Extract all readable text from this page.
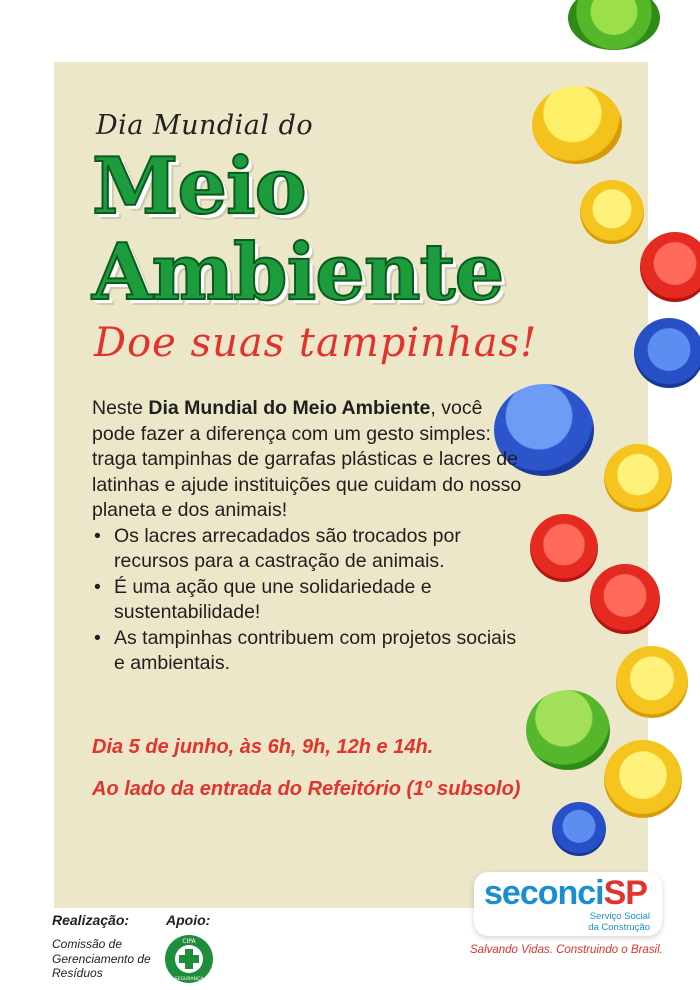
Dia Mundial do
Meio
Ambiente
Doe suas tampinhas!
Neste Dia Mundial do Meio Ambiente, você pode fazer a diferença com um gesto simples: traga tampinhas de garrafas plásticas e lacres de latinhas e ajude instituições que cuidam do nosso planeta e dos animais!
• Os lacres arrecadados são trocados por recursos para a castração de animais.
• É uma ação que une solidariedade e sustentabilidade!
• As tampinhas contribuem com projetos sociais e ambientais.
Dia 5 de junho, às 6h, 9h, 12h e 14h.
Ao lado da entrada do Refeitório (1º subsolo)
Realização:
Comissão de Gerenciamento de Resíduos
Apoio:
CIPA
SEGURANÇA
seconciSP
Serviço Social
da Construção
Salvando Vidas. Construindo o Brasil.
